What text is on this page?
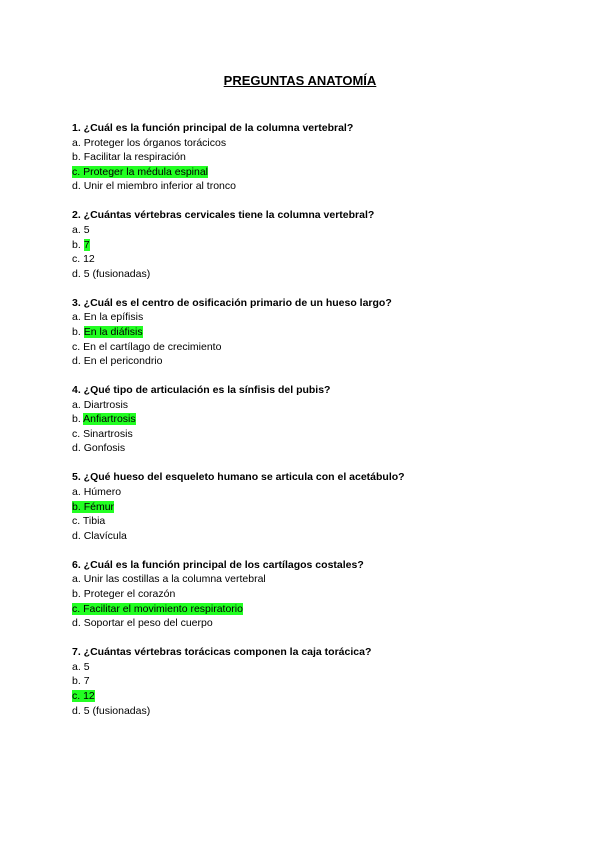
PREGUNTAS ANATOMÍA
1. ¿Cuál es la función principal de la columna vertebral?
a. Proteger los órganos torácicos
b. Facilitar la respiración
c. Proteger la médula espinal
d. Unir el miembro inferior al tronco
2. ¿Cuántas vértebras cervicales tiene la columna vertebral?
a. 5
b. 7
c. 12
d. 5 (fusionadas)
3. ¿Cuál es el centro de osificación primario de un hueso largo?
a. En la epífisis
b. En la diáfisis
c. En el cartílago de crecimiento
d. En el pericondrio
4. ¿Qué tipo de articulación es la sínfisis del pubis?
a. Diartrosis
b. Anfiartrosis
c. Sinartrosis
d. Gonfosis
5. ¿Qué hueso del esqueleto humano se articula con el acetábulo?
a. Húmero
b. Fémur
c. Tibia
d. Clavícula
6. ¿Cuál es la función principal de los cartílagos costales?
a. Unir las costillas a la columna vertebral
b. Proteger el corazón
c. Facilitar el movimiento respiratorio
d. Soportar el peso del cuerpo
7. ¿Cuántas vértebras torácicas componen la caja torácica?
a. 5
b. 7
c. 12
d. 5 (fusionadas)
